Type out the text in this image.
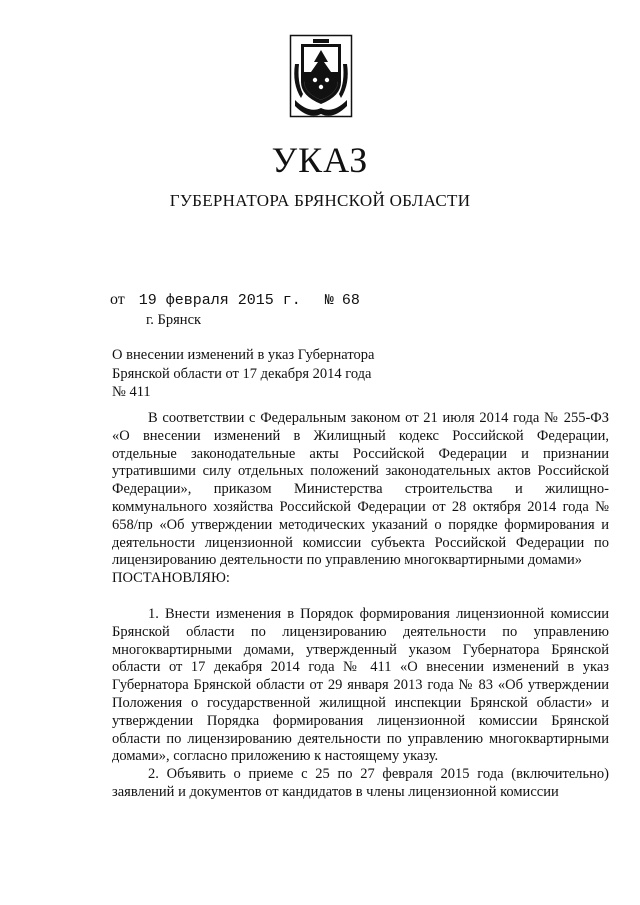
УКАЗ
ГУБЕРНАТОРА БРЯНСКОЙ ОБЛАСТИ
от 19 февраля 2015 г. № 68
г. Брянск
О внесении изменений в указ Губернатора
Брянской области от 17 декабря 2014 года
№ 411

В соответствии с Федеральным законом от 21 июля 2014 года № 255-ФЗ «О внесении изменений в Жилищный кодекс Российской Федерации, отдельные законодательные акты Российской Федерации и признании утратившими силу отдельных положений законодательных актов Российской Федерации», приказом Министерства строительства и жилищно-коммунального хозяйства Российской Федерации от 28 октября 2014 года № 658/пр «Об утверждении методических указаний о порядке формирования и деятельности лицензионной комиссии субъекта Российской Федерации по лицензированию деятельности по управлению многоквартирными домами»

ПОСТАНОВЛЯЮ:

1. Внести изменения в Порядок формирования лицензионной комиссии Брянской области по лицензированию деятельности по управлению многоквартирными домами, утвержденный указом Губернатора Брянской области от 17 декабря 2014 года № 411 «О внесении изменений в указ Губернатора Брянской области от 29 января 2013 года № 83 «Об утверждении Положения о государственной жилищной инспекции Брянской области» и утверждении Порядка формирования лицензионной комиссии Брянской области по лицензированию деятельности по управлению многоквартирными домами», согласно приложению к настоящему указу.

2. Объявить о приеме с 25 по 27 февраля 2015 года (включительно) заявлений и документов от кандидатов в члены лицензионной комиссии
